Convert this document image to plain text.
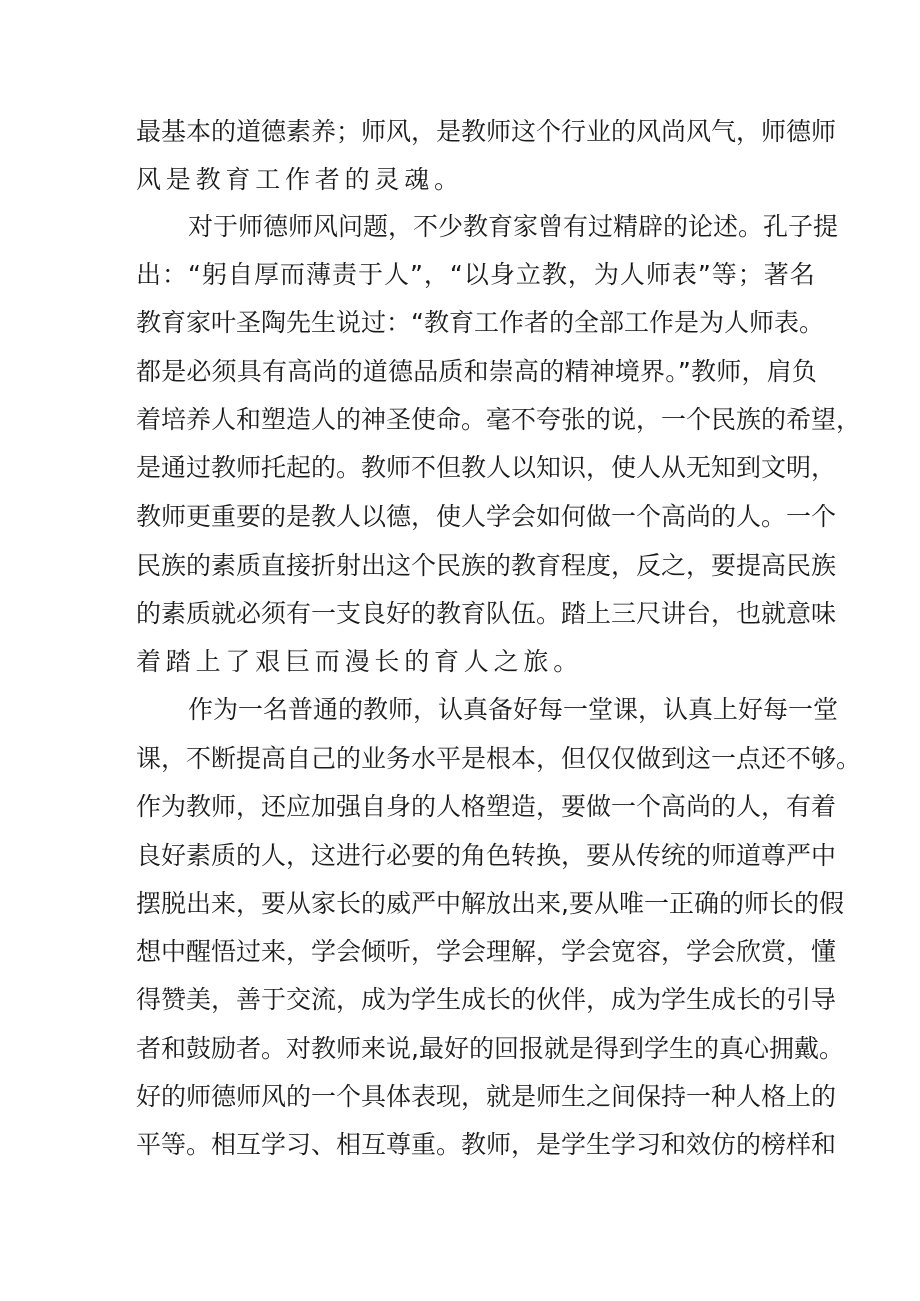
最基本的道德素养；师风，是教师这个行业的风尚风气，师德师
风是教育工作者的灵魂。
对于师德师风问题，不少教育家曾有过精辟的论述。孔子提
出：“躬自厚而薄责于人”，“以身立教，为人师表”等；著名
教育家叶圣陶先生说过：“教育工作者的全部工作是为人师表。
都是必须具有高尚的道德品质和崇高的精神境界。”教师，肩负
着培养人和塑造人的神圣使命。毫不夸张的说，一个民族的希望，
是通过教师托起的。教师不但教人以知识，使人从无知到文明，
教师更重要的是教人以德，使人学会如何做一个高尚的人。一个
民族的素质直接折射出这个民族的教育程度，反之，要提高民族
的素质就必须有一支良好的教育队伍。踏上三尺讲台，也就意味
着踏上了艰巨而漫长的育人之旅。
作为一名普通的教师，认真备好每一堂课，认真上好每一堂
课，不断提高自己的业务水平是根本，但仅仅做到这一点还不够。
作为教师，还应加强自身的人格塑造，要做一个高尚的人，有着
良好素质的人，这进行必要的角色转换，要从传统的师道尊严中
摆脱出来，要从家长的威严中解放出来,要从唯一正确的师长的假
想中醒悟过来，学会倾听，学会理解，学会宽容，学会欣赏，懂
得赞美，善于交流，成为学生成长的伙伴，成为学生成长的引导
者和鼓励者。对教师来说,最好的回报就是得到学生的真心拥戴。
好的师德师风的一个具体表现，就是师生之间保持一种人格上的
平等。相互学习、相互尊重。教师，是学生学习和效仿的榜样和
